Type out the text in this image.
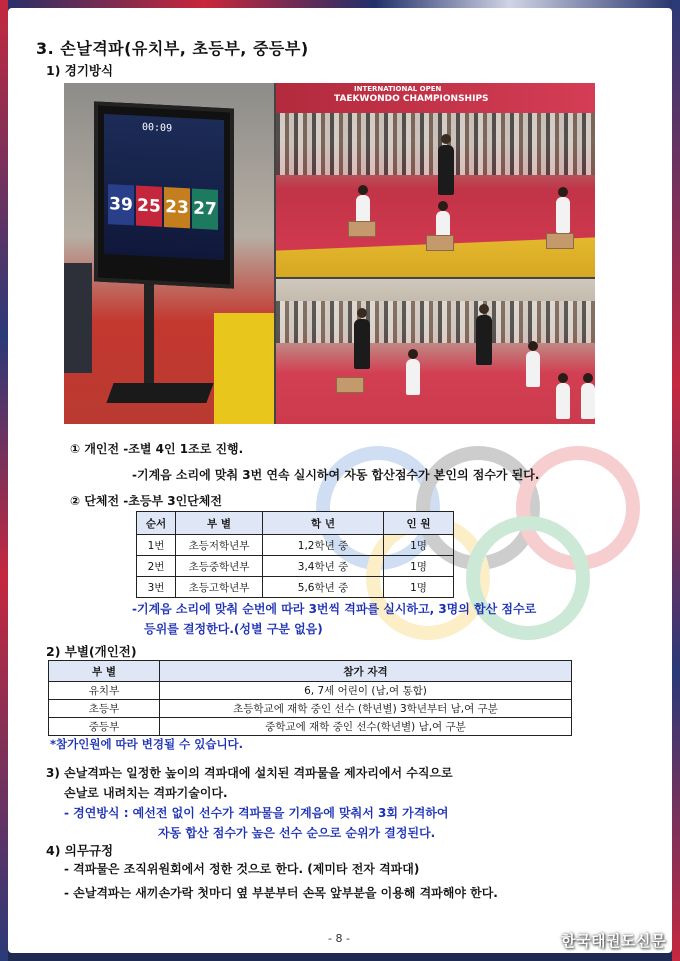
3. 손날격파(유치부, 초등부, 중등부)
1) 경기방식
00:09
39 25 23 27
INTERNATIONAL OPEN
TAEKWONDO CHAMPIONSHIPS
① 개인전 -조별 4인 1조로 진행.
-기계음 소리에 맞춰 3번 연속 실시하여 자동 합산점수가 본인의 점수가 된다.
② 단체전 -초등부 3인단체전
순서	부 별	학 년	인 원
1번	초등저학년부	1,2학년 중	1명
2번	초등중학년부	3,4학년 중	1명
3번	초등고학년부	5,6학년 중	1명
-기계음 소리에 맞춰 순번에 따라 3번씩 격파를 실시하고, 3명의 합산 점수로
등위를 결정한다.(성별 구분 없음)
2) 부별(개인전)
부 별	참가 자격
유치부	6, 7세 어린이 (남,여 통합)
초등부	초등학교에 재학 중인 선수 (학년별) 3학년부터 남,여 구분
중등부	중학교에 재학 중인 선수(학년별) 남,여 구분
*참가인원에 따라 변경될 수 있습니다.
3) 손날격파는 일정한 높이의 격파대에 설치된 격파물을 제자리에서 수직으로
손날로 내려치는 격파기술이다.
- 경연방식 : 예선전 없이 선수가 격파물을 기계음에 맞춰서 3회 가격하여
자동 합산 점수가 높은 선수 순으로 순위가 결정된다.
4) 의무규정
- 격파물은 조직위원회에서 정한 것으로 한다. (제미타 전자 격파대)
- 손날격파는 새끼손가락 첫마디 옆 부분부터 손목 앞부분을 이용해 격파해야 한다.
- 8 -	한국태권도신문
